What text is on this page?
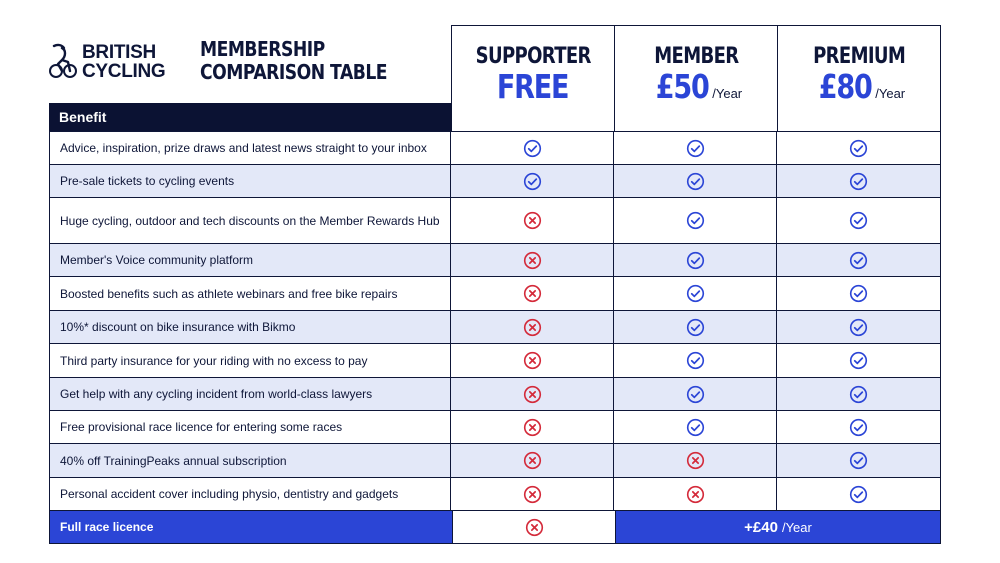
BRITISH
CYCLING
MEMBERSHIP
COMPARISON TABLE
SUPPORTER
FREE
MEMBER
£50 /Year
PREMIUM
£80 /Year
Benefit
Advice, inspiration, prize draws and latest news straight to your inbox
Pre-sale tickets to cycling events
Huge cycling, outdoor and tech discounts on the Member Rewards Hub
Member's Voice community platform
Boosted benefits such as athlete webinars and free bike repairs
10%* discount on bike insurance with Bikmo
Third party insurance for your riding with no excess to pay
Get help with any cycling incident from world-class lawyers
Free provisional race licence for entering some races
40% off TrainingPeaks annual subscription
Personal accident cover including physio, dentistry and gadgets
Full race licence	+£40 /Year
